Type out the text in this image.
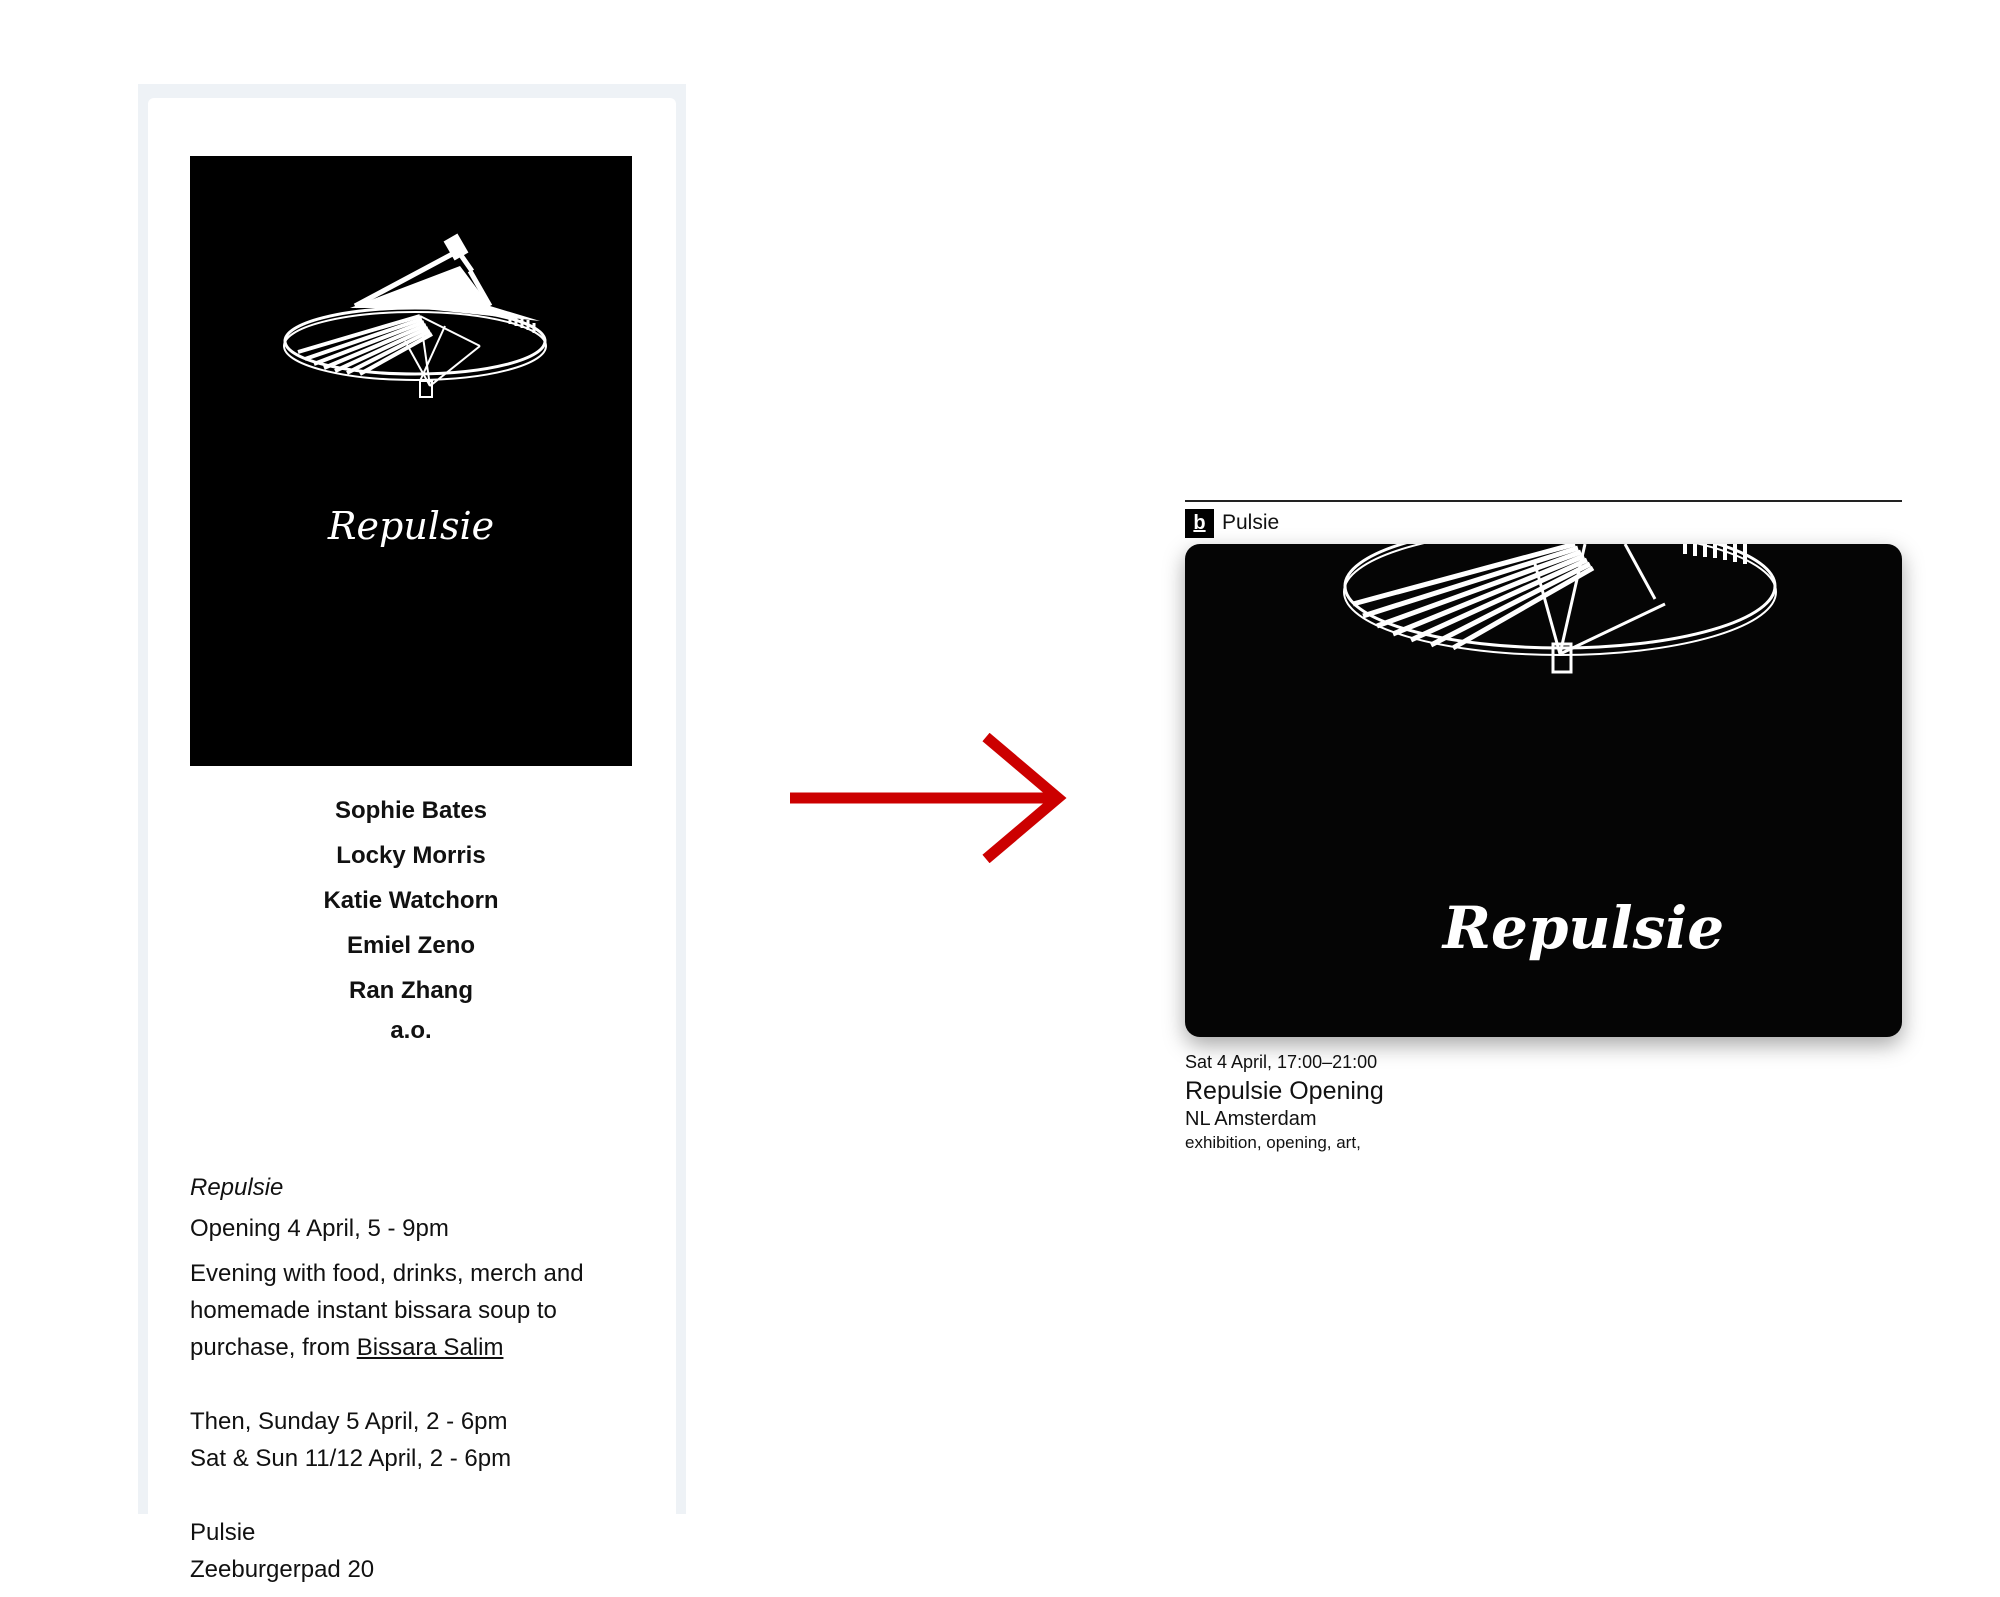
Repulsie
Sophie Bates
Locky Morris
Katie Watchorn
Emiel Zeno
Ran Zhang
a.o.
Repulsie
Opening 4 April, 5 - 9pm
Evening with food, drinks, merch and
homemade instant bissara soup to
purchase, from Bissara Salim
Then, Sunday 5 April, 2 - 6pm
Sat & Sun 11/12 April, 2 - 6pm
Pulsie
Zeeburgerpad 20
b Pulsie
Repulsie
Sat 4 April, 17:00–21:00
Repulsie Opening
NL Amsterdam
exhibition, opening, art,
